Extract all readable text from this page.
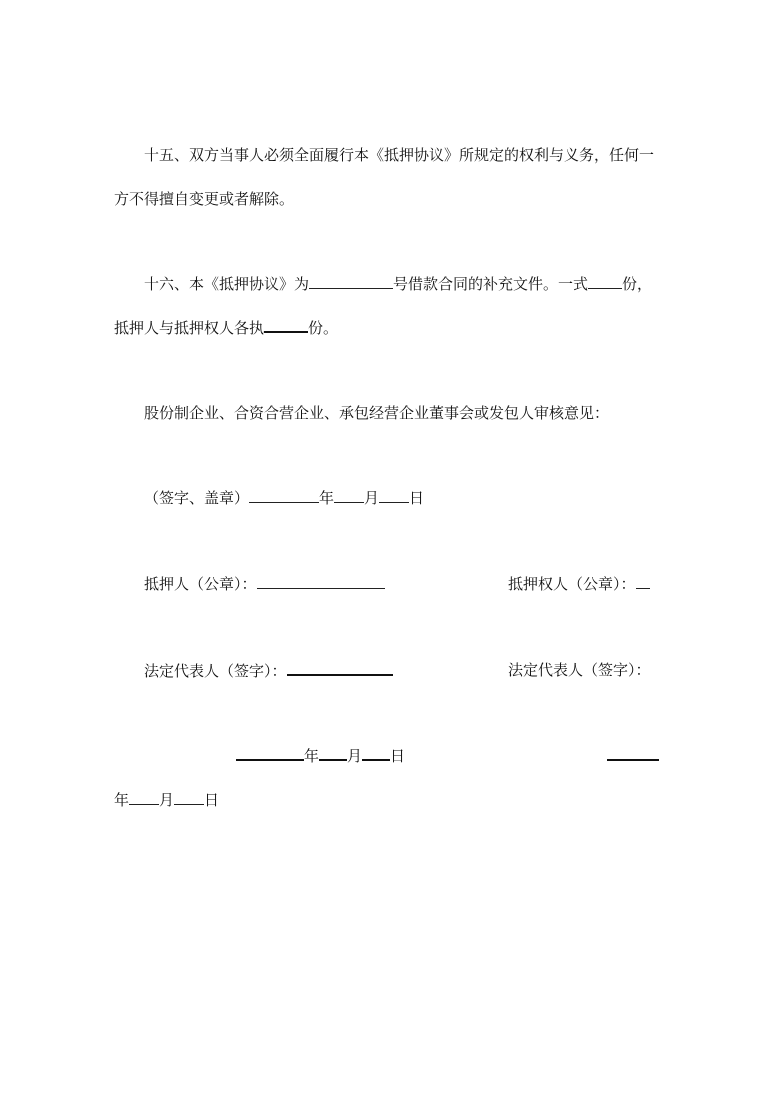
十五、双方当事人必须全面履行本《抵押协议》所规定的权利与义务，任何一
方不得擅自变更或者解除。
十六、本《抵押协议》为	号借款合同的补充文件。一式 份，
抵押人与抵押权人各执	份。
股份制企业、合资合营企业、承包经营企业董事会或发包人审核意见：
（签字、盖章）	年 月 日
抵押人（公章）：	抵押权人（公章）：
法定代表人（签字）：	法定代表人（签字）：
年 月 日
年 月 日
